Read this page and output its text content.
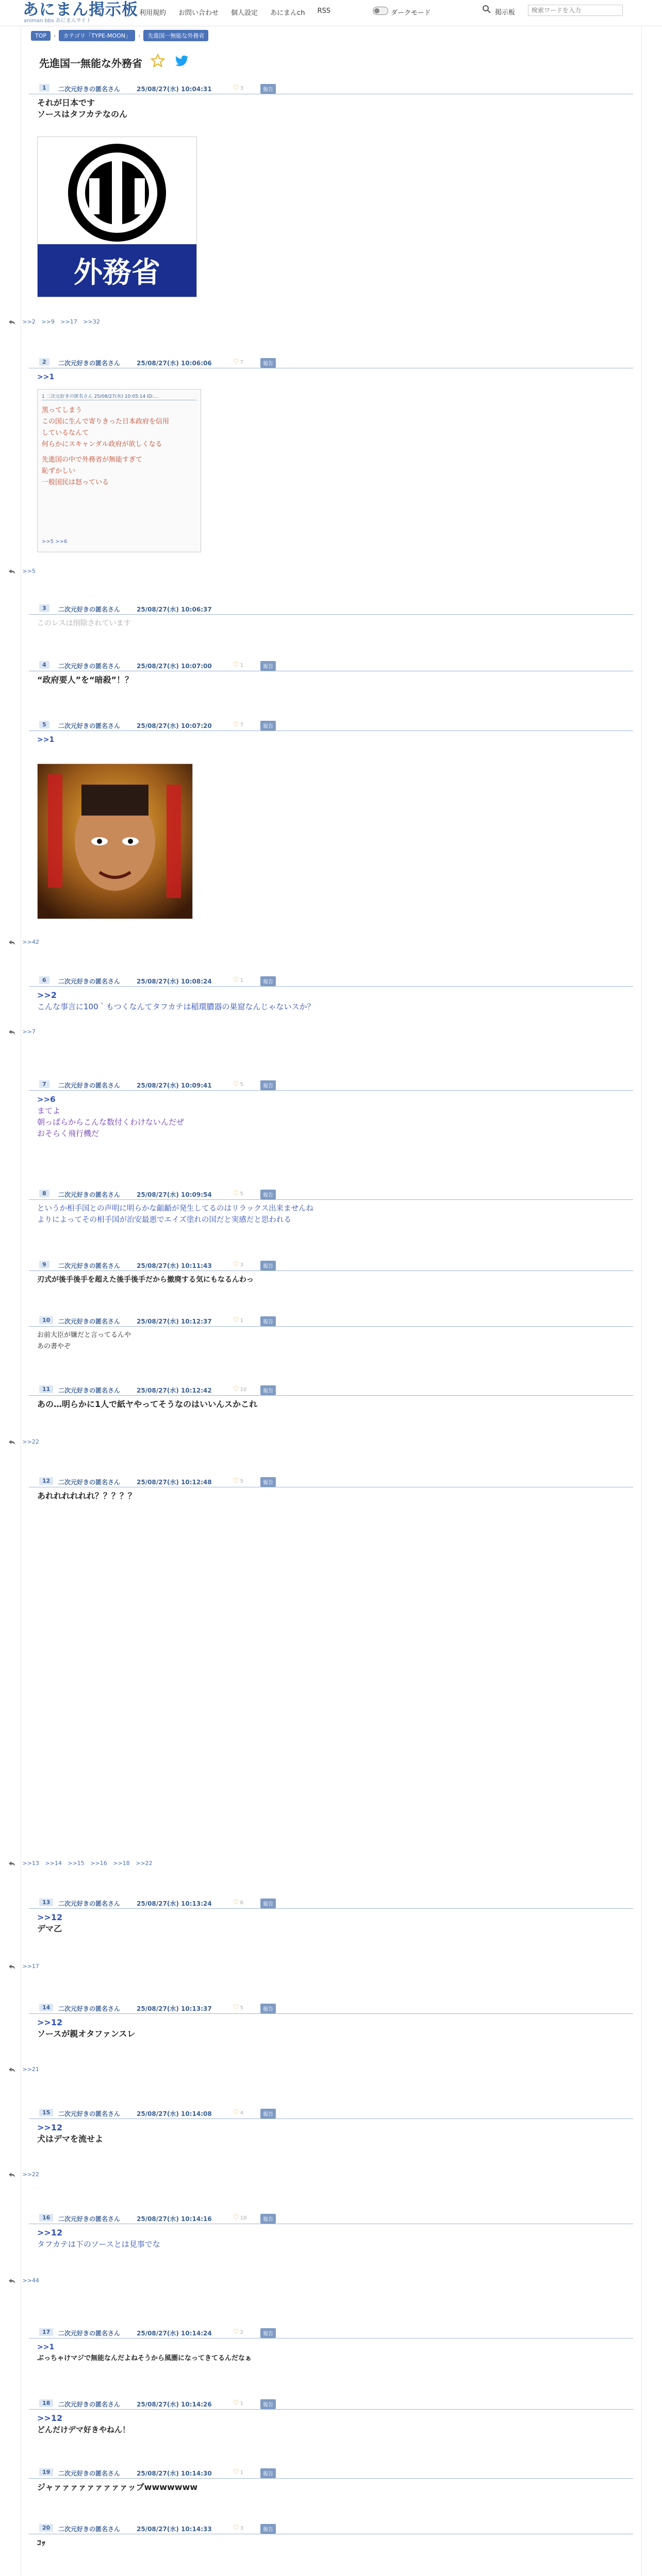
あにまん掲示板
animan bbs あにまんサイト
利用規約 お問い合わせ 個人設定 あにまんch RSS	ダークモード	掲示板
検索ワードを入力
TOP	›	カテゴリ「TYPE-MOON」	›	先進国一無能な外務省
先進国一無能な外務省
1	二次元好きの匿名さん	25/08/27(水) 10:04:31	♡ 3	報告
それが日本です
ソースはタフカテなのん
外務省
>>2 >>9 >>17 >>32
2	二次元好きの匿名さん	25/08/27(水) 10:06:06	♡ 7	報告
>>1
1 二次元好きの匿名さん 25/08/27(水) 10:05:14 ID:...
黒ってしまう
この国に生んで寄りきった日本政府を信用
しているなんて
何らかにスキャンダル政府が欲しくなる
先進国の中で外務省が無能すぎて
恥ずかしい
一般国民は怒っている
>>5 >>6
>>5
3	二次元好きの匿名さん	25/08/27(水) 10:06:37
このレスは削除されています
4	二次元好きの匿名さん	25/08/27(水) 10:07:00	♡ 1	報告
“政府要人”を“暗殺”！？
5	二次元好きの匿名さん	25/08/27(水) 10:07:20	♡ 7	報告
>>1
>>42
6	二次元好きの匿名さん	25/08/27(水) 10:08:24	♡ 1	報告
>>2
こんな事言に100｀もつくなんてタフカテは稲環膿器の巣窟なんじゃないスか？
>>7
7	二次元好きの匿名さん	25/08/27(水) 10:09:41	♡ 5	報告
>>6
まてよ
朝っぱらからこんな数付くわけないんだぜ
おそらく飛行機だ
8	二次元好きの匿名さん	25/08/27(水) 10:09:54	♡ 5	報告
というか相手国との声明に明らかな齟齬が発生してるのはリラックス出来ませんね
よりによってその相手国が治安最悪でエイズ塗れの国だと実感だと思われる
9	二次元好きの匿名さん	25/08/27(水) 10:11:43	♡ 3	報告
刃式が後手後手を超えた後手後手だから撤廃する気にもなるんわっ
10	二次元好きの匿名さん	25/08/27(水) 10:12:37	♡ 1	報告
お前大臣が嫌だと言ってるんや
あの書やぞ
11	二次元好きの匿名さん	25/08/27(水) 10:12:42	♡ 10	報告
あの…明らかに1人で紙ヤやってそうなのはいいんスかこれ
>>22
12	二次元好きの匿名さん	25/08/27(水) 10:12:48	♡ 5	報告
あれれれれれれ？？？？？
>>13 >>14 >>15 >>16 >>18 >>22
13	二次元好きの匿名さん	25/08/27(水) 10:13:24	♡ 6	報告
>>12
デマ乙
>>17
14	二次元好きの匿名さん	25/08/27(水) 10:13:37	♡ 5	報告
>>12
ソースが親オタファンスレ
>>21
15	二次元好きの匿名さん	25/08/27(水) 10:14:08	♡ 4	報告
>>12
犬はデマを流せよ
>>22
16	二次元好きの匿名さん	25/08/27(水) 10:14:16	♡ 10	報告
>>12
タフカテは下のソースとは見事でな
>>44
17	二次元好きの匿名さん	25/08/27(水) 10:14:24	♡ 2	報告
>>1
ぶっちゃけマジで無能なんだよねそうから風圏になってきてるんだなぁ
18	二次元好きの匿名さん	25/08/27(水) 10:14:26	♡ 1	報告
>>12
どんだけデマ好きやねん！
19	二次元好きの匿名さん	25/08/27(水) 10:14:30	♡ 1	報告
ジャァァァァァァァァァップwwwwwww
20	二次元好きの匿名さん	25/08/27(水) 10:14:33	♡ 3	報告
ｺｯ
